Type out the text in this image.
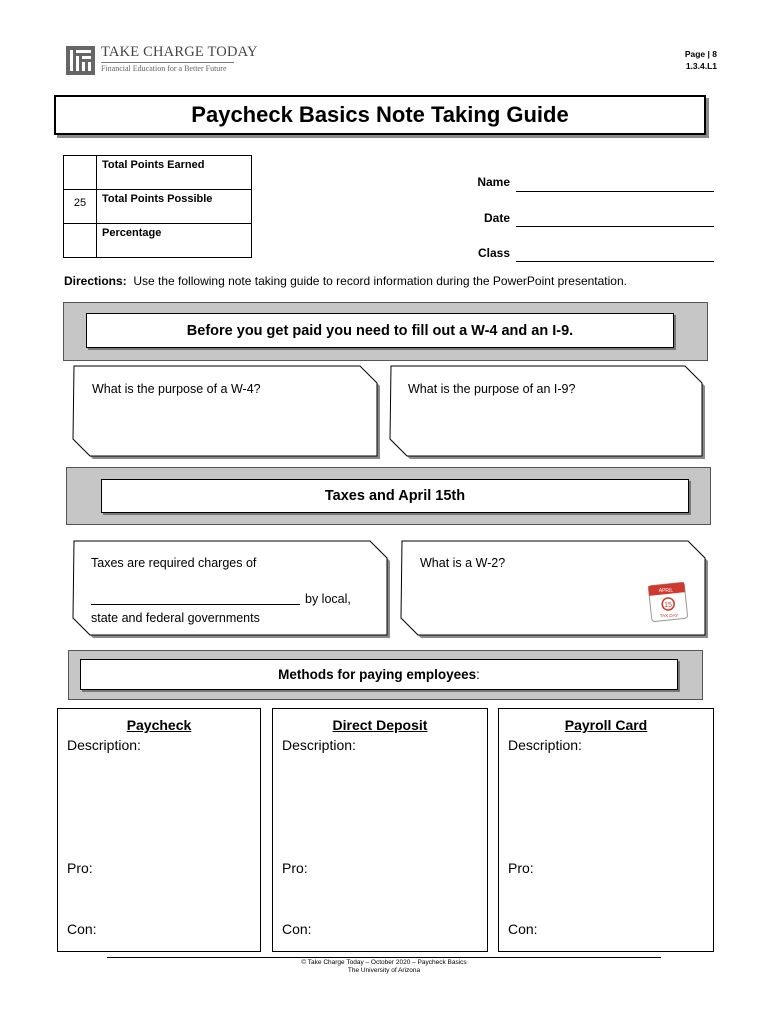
TAKE CHARGE TODAY
Financial Education for a Better Future
Page | 8
1.3.4.L1
Paycheck Basics Note Taking Guide
	Total Points Earned
25	Total Points Possible
	Percentage
Name
Date
Class
Directions: Use the following note taking guide to record information during the PowerPoint presentation.
Before you get paid you need to fill out a W-4 and an I-9.
What is the purpose of a W-4?	What is the purpose of an I-9?
Taxes and April 15th
Taxes are required charges of
by local,
state and federal governments
What is a W-2?
APRIL
15
TAX DAY
Methods for paying employees :
Paycheck
Description:
Pro:
Con:
Direct Deposit
Description:
Pro:
Con:
Payroll Card
Description:
Pro:
Con:
© Take Charge Today – October 2020 – Paycheck Basics
The University of Arizona
